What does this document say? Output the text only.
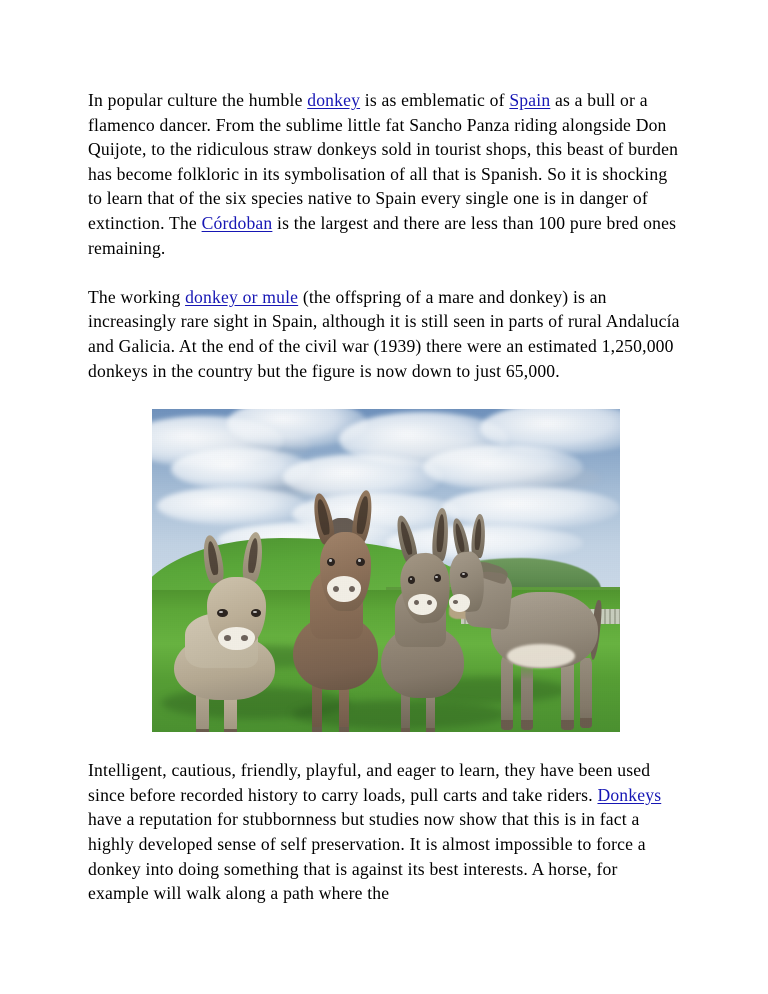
In popular culture the humble donkey is as emblematic of Spain as a bull or a flamenco dancer. From the sublime little fat Sancho Panza riding alongside Don Quijote, to the ridiculous straw donkeys sold in tourist shops, this beast of burden has become folkloric in its symbolisation of all that is Spanish. So it is shocking to learn that of the six species native to Spain every single one is in danger of extinction. The Córdoban is the largest and there are less than 100 pure bred ones remaining.

The working donkey or mule (the offspring of a mare and donkey) is an increasingly rare sight in Spain, although it is still seen in parts of rural Andalucía and Galicia. At the end of the civil war (1939) there were an estimated 1,250,000 donkeys in the country but the figure is now down to just 65,000.

Intelligent, cautious, friendly, playful, and eager to learn, they have been used since before recorded history to carry loads, pull carts and take riders. Donkeys have a reputation for stubbornness but studies now show that this is in fact a highly developed sense of self preservation. It is almost impossible to force a donkey into doing something that is against its best interests. A horse, for example will walk along a path where the
